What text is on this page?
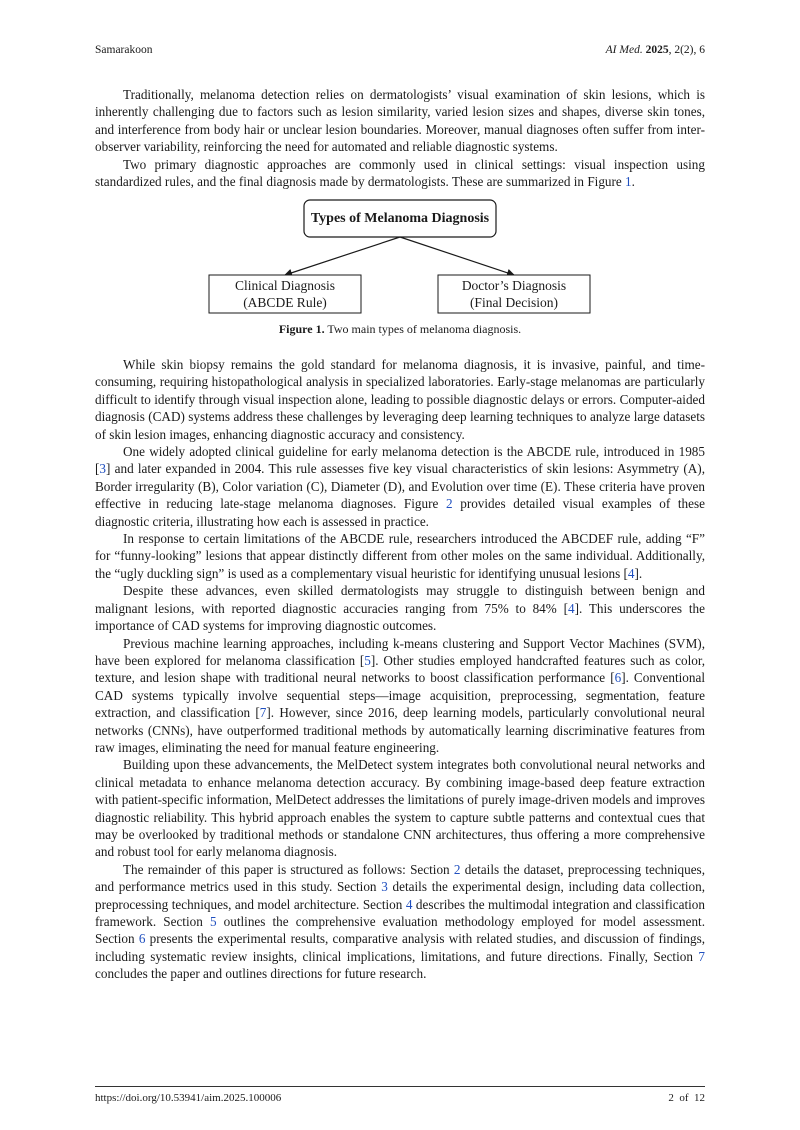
Samarakoon	AI Med. 2025, 2(2), 6

Traditionally, melanoma detection relies on dermatologists’ visual examination of skin lesions, which is inherently challenging due to factors such as lesion similarity, varied lesion sizes and shapes, diverse skin tones, and interference from body hair or unclear lesion boundaries. Moreover, manual diagnoses often suffer from inter-observer variability, reinforcing the need for automated and reliable diagnostic systems.

Two primary diagnostic approaches are commonly used in clinical settings: visual inspection using standardized rules, and the final diagnosis made by dermatologists. These are summarized in Figure 1.

Types of Melanoma Diagnosis
Clinical Diagnosis
(ABCDE Rule)
Doctor’s Diagnosis
(Final Decision)
Figure 1. Two main types of melanoma diagnosis.

While skin biopsy remains the gold standard for melanoma diagnosis, it is invasive, painful, and time-consuming, requiring histopathological analysis in specialized laboratories. Early-stage melanomas are particularly difficult to identify through visual inspection alone, leading to possible diagnostic delays or errors. Computer-aided diagnosis (CAD) systems address these challenges by leveraging deep learning techniques to analyze large datasets of skin lesion images, enhancing diagnostic accuracy and consistency.

One widely adopted clinical guideline for early melanoma detection is the ABCDE rule, introduced in 1985 [3] and later expanded in 2004. This rule assesses five key visual characteristics of skin lesions: Asymmetry (A), Border irregularity (B), Color variation (C), Diameter (D), and Evolution over time (E). These criteria have proven effective in reducing late-stage melanoma diagnoses. Figure 2 provides detailed visual examples of these diagnostic criteria, illustrating how each is assessed in practice.

In response to certain limitations of the ABCDE rule, researchers introduced the ABCDEF rule, adding “F” for “funny-looking” lesions that appear distinctly different from other moles on the same individual. Additionally, the “ugly duckling sign” is used as a complementary visual heuristic for identifying unusual lesions [4].

Despite these advances, even skilled dermatologists may struggle to distinguish between benign and malignant lesions, with reported diagnostic accuracies ranging from 75% to 84% [4]. This underscores the importance of CAD systems for improving diagnostic outcomes.

Previous machine learning approaches, including k-means clustering and Support Vector Machines (SVM), have been explored for melanoma classification [5]. Other studies employed handcrafted features such as color, texture, and lesion shape with traditional neural networks to boost classification performance [6]. Conventional CAD systems typically involve sequential steps—image acquisition, preprocessing, segmentation, feature extraction, and classification [7]. However, since 2016, deep learning models, particularly convolutional neural networks (CNNs), have outperformed traditional methods by automatically learning discriminative features from raw images, eliminating the need for manual feature engineering.

Building upon these advancements, the MelDetect system integrates both convolutional neural networks and clinical metadata to enhance melanoma detection accuracy. By combining image-based deep feature extraction with patient-specific information, MelDetect addresses the limitations of purely image-driven models and improves diagnostic reliability. This hybrid approach enables the system to capture subtle patterns and contextual cues that may be overlooked by traditional methods or standalone CNN architectures, thus offering a more comprehensive and robust tool for early melanoma diagnosis.

The remainder of this paper is structured as follows: Section 2 details the dataset, preprocessing techniques, and performance metrics used in this study. Section 3 details the experimental design, including data collection, preprocessing techniques, and model architecture. Section 4 describes the multimodal integration and classification framework. Section 5 outlines the comprehensive evaluation methodology employed for model assessment. Section 6 presents the experimental results, comparative analysis with related studies, and discussion of findings, including systematic review insights, clinical implications, limitations, and future directions. Finally, Section 7 concludes the paper and outlines directions for future research.

https://doi.org/10.53941/aim.2025.100006	2  of  12
